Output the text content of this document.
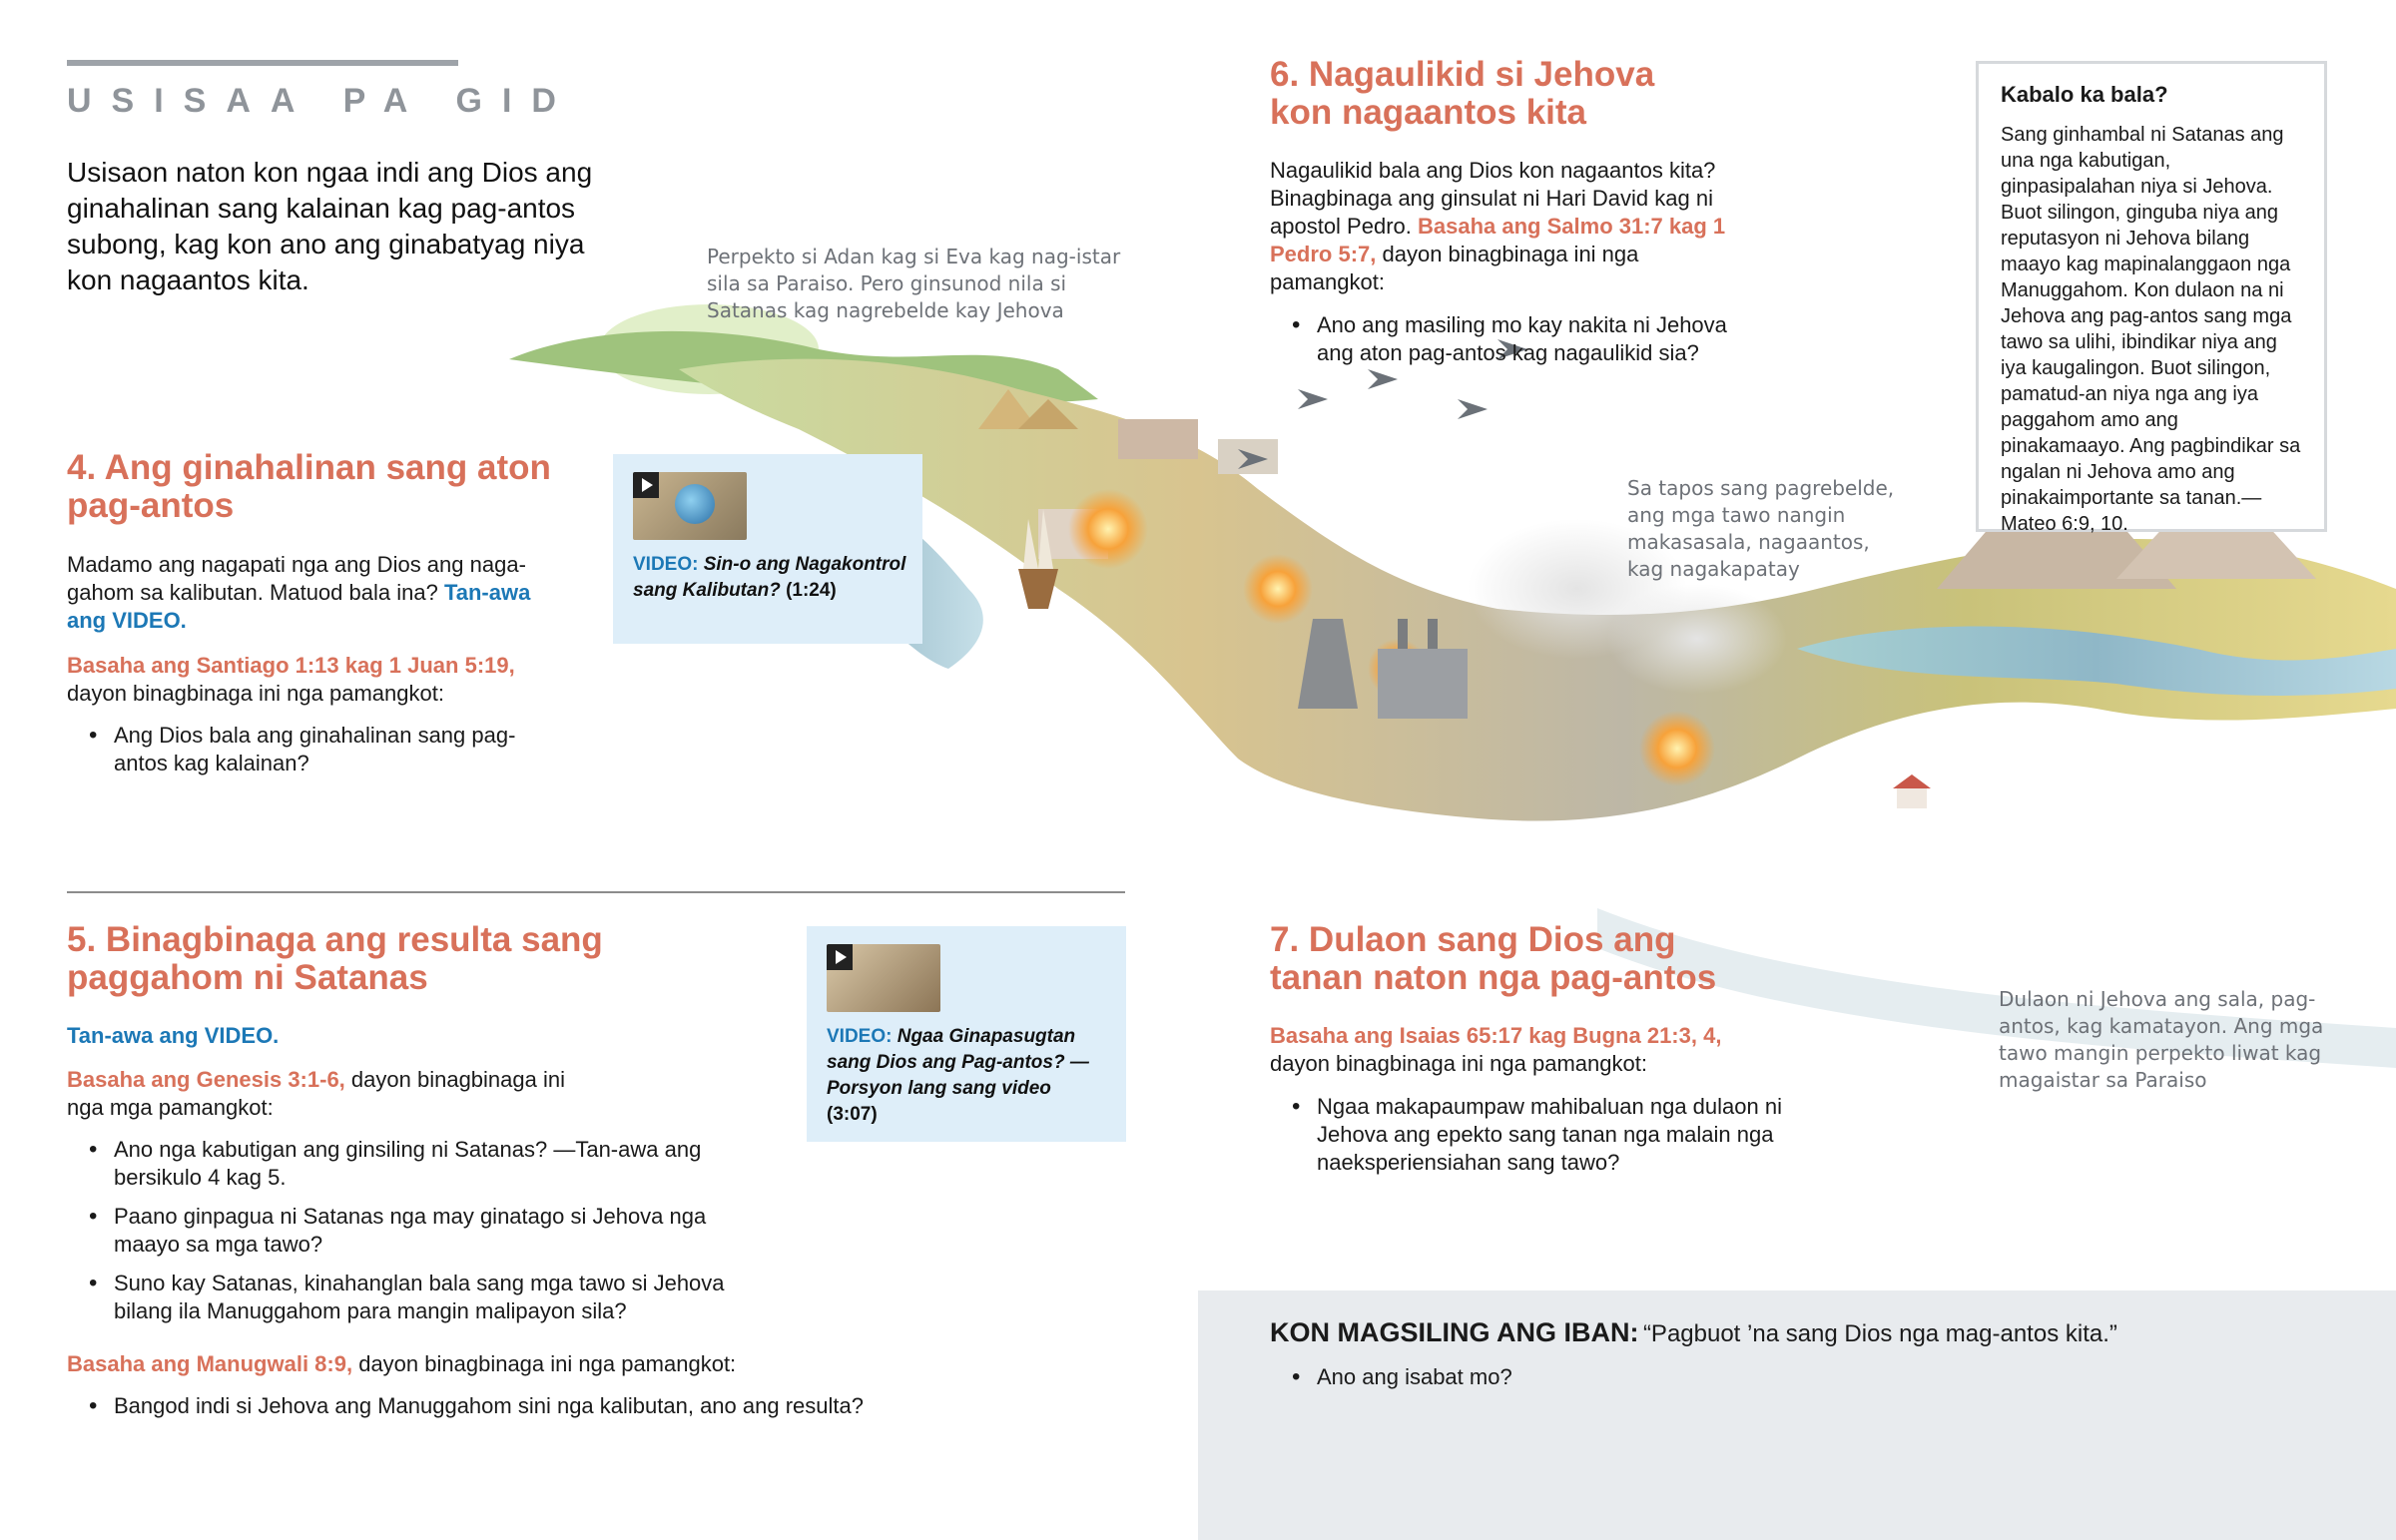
USISAA PA GID
Usisaon naton kon ngaa indi ang Dios ang ginahalinan sang kalainan kag pag-antos subong, kag kon ano ang ginabatyag niya kon nagaantos kita.
4. Ang ginahalinan sang aton pag-antos
Madamo ang nagapati nga ang Dios ang nagagahom sa kalibutan. Matuod bala ina? Tan-awa ang VIDEO.
Basaha ang Santiago 1:13 kag 1 Juan 5:19,
dayon binagbinaga ini nga pamangkot:
• Ang Dios bala ang ginahalinan sang pag-antos kag kalainan?
VIDEO: Sin-o ang Nagakontrol sang Kalibutan? (1:24)
5. Binagbinaga ang resulta sang paggahom ni Satanas
Tan-awa ang VIDEO.
Basaha ang Genesis 3:1-6, dayon binagbinaga ini nga mga pamangkot:
• Ano nga kabutigan ang ginsiling ni Satanas? —Tan-awa ang bersikulo 4 kag 5.
• Paano ginpagua ni Satanas nga may ginatago si Jehova nga maayo sa mga tawo?
• Suno kay Satanas, kinahanglan bala sang mga tawo si Jehova bilang ila Manuggahom para mangin malipayon sila?
Basaha ang Manugwali 8:9, dayon binagbinaga ini nga pamangkot:
• Bangod indi si Jehova ang Manuggahom sini nga kalibutan, ano ang resulta?
VIDEO: Ngaa Ginapasugtan sang Dios ang Pag-antos? —Porsyon lang sang video (3:07)
Perpekto si Adan kag si Eva kag nag-istar sila sa Paraiso. Pero ginsunod nila si Satanas kag nagrebelde kay Jehova
Sa tapos sang pagrebelde, ang mga tawo nangin makasasala, nagaantos, kag nagakapatay
Dulaon ni Jehova ang sala, pag-antos, kag kamatayon. Ang mga tawo mangin perpekto liwat kag magaistar sa Paraiso
6. Nagaulikid si Jehova kon nagaantos kita
Nagaulikid bala ang Dios kon nagaantos kita? Binagbinaga ang ginsulat ni Hari David kag ni apostol Pedro. Basaha ang Salmo 31:7 kag 1 Pedro 5:7, dayon binagbinaga ini nga pamangkot:
• Ano ang masiling mo kay nakita ni Jehova ang aton pag-antos kag nagaulikid sia?
Kabalo ka bala?
Sang ginhambal ni Satanas ang una nga kabutigan, ginpasipalahan niya si Jehova. Buot silingon, ginguba niya ang reputasyon ni Jehova bilang maayo kag mapinalanggaon nga Manuggahom. Kon dulaon na ni Jehova ang pag-antos sang mga tawo sa ulihi, ibindikar niya ang iya kaugalingon. Buot silingon, pamatud-an niya nga ang iya paggahom amo ang pinakamaayo. Ang pagbindikar sa ngalan ni Jehova amo ang pinakaimportante sa tanan.—Mateo 6:9, 10.
7. Dulaon sang Dios ang tanan naton nga pag-antos
Basaha ang Isaias 65:17 kag Bugna 21:3, 4,
dayon binagbinaga ini nga pamangkot:
• Ngaa makapaumpaw mahibaluan nga dulaon ni Jehova ang epekto sang tanan nga malain nga naeksperiensiahan sang tawo?
KON MAGSILING ANG IBAN: “Pagbuot ’na sang Dios nga mag-antos kita.”
• Ano ang isabat mo?
